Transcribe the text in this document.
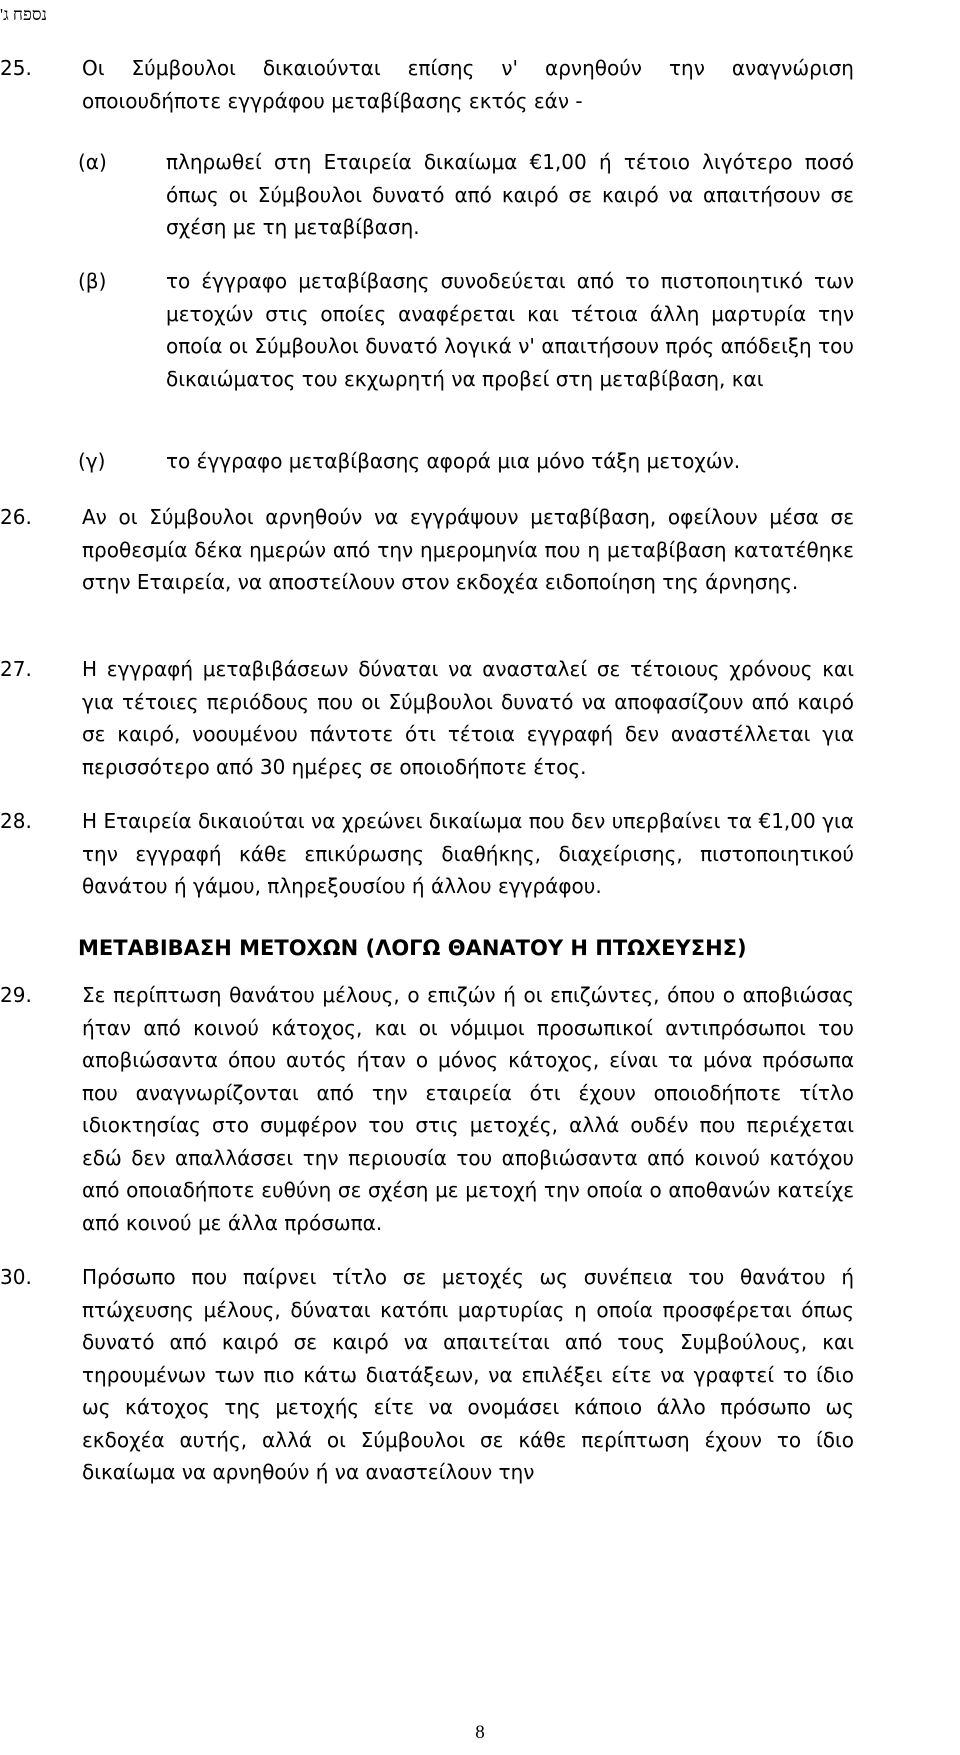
נספח ג'
25.	Οι Σύμβουλοι δικαιούνται επίσης ν' αρνηθούν την αναγνώριση οποιουδήποτε εγγράφου μεταβίβασης εκτός εάν -
(α)	πληρωθεί στη Εταιρεία δικαίωμα €1,00 ή τέτοιο λιγότερο ποσό όπως οι Σύμβουλοι δυνατό από καιρό σε καιρό να απαιτήσουν σε σχέση με τη μεταβίβαση.
(β)	το έγγραφο μεταβίβασης συνοδεύεται από το πιστοποιητικό των μετοχών στις οποίες αναφέρεται και τέτοια άλλη μαρτυρία την οποία οι Σύμβουλοι δυνατό λογικά ν' απαιτήσουν πρός απόδειξη του δικαιώματος του εκχωρητή να προβεί στη μεταβίβαση, και
(γ)	το έγγραφο μεταβίβασης αφορά μια μόνο τάξη μετοχών.
26.	Αν οι Σύμβουλοι αρνηθούν να εγγράψουν μεταβίβαση, οφείλουν μέσα σε προθεσμία δέκα ημερών από την ημερομηνία που η μεταβίβαση κατατέθηκε στην Εταιρεία, να αποστείλουν στον εκδοχέα ειδοποίηση της άρνησης.
27.	Η εγγραφή μεταβιβάσεων δύναται να ανασταλεί σε τέτοιους χρόνους και για τέτοιες περιόδους που οι Σύμβουλοι δυνατό να αποφασίζουν από καιρό σε καιρό, νοουμένου πάντοτε ότι τέτοια εγγραφή δεν αναστέλλεται για περισσότερο από 30 ημέρες σε οποιοδήποτε έτος.
28.	Η Εταιρεία δικαιούται να χρεώνει δικαίωμα που δεν υπερβαίνει τα €1,00 για την εγγραφή κάθε επικύρωσης διαθήκης, διαχείρισης, πιστοποιητικού θανάτου ή γάμου, πληρεξουσίου ή άλλου εγγράφου.
ΜΕΤΑΒΙΒΑΣΗ ΜΕΤΟΧΩΝ (ΛΟΓΩ ΘΑΝΑΤΟΥ Η ΠΤΩΧΕΥΣΗΣ)
29.	Σε περίπτωση θανάτου μέλους, ο επιζών ή οι επιζώντες, όπου ο αποβιώσας ήταν από κοινού κάτοχος, και οι νόμιμοι προσωπικοί αντιπρόσωποι του αποβιώσαντα όπου αυτός ήταν ο μόνος κάτοχος, είναι τα μόνα πρόσωπα που αναγνωρίζονται από την εταιρεία ότι έχουν οποιοδήποτε τίτλο ιδιοκτησίας στο συμφέρον του στις μετοχές, αλλά ουδέν που περιέχεται εδώ δεν απαλλάσσει την περιουσία του αποβιώσαντα από κοινού κατόχου από οποιαδήποτε ευθύνη σε σχέση με μετοχή την οποία ο αποθανών κατείχε από κοινού με άλλα πρόσωπα.
30.	Πρόσωπο που παίρνει τίτλο σε μετοχές ως συνέπεια του θανάτου ή πτώχευσης μέλους, δύναται κατόπι μαρτυρίας η οποία προσφέρεται όπως δυνατό από καιρό σε καιρό να απαιτείται από τους Συμβούλους, και τηρουμένων των πιο κάτω διατάξεων, να επιλέξει είτε να γραφτεί το ίδιο ως κάτοχος της μετοχής είτε να ονομάσει κάποιο άλλο πρόσωπο ως εκδοχέα αυτής, αλλά οι Σύμβουλοι σε κάθε περίπτωση έχουν το ίδιο δικαίωμα να αρνηθούν ή να αναστείλουν την
8
